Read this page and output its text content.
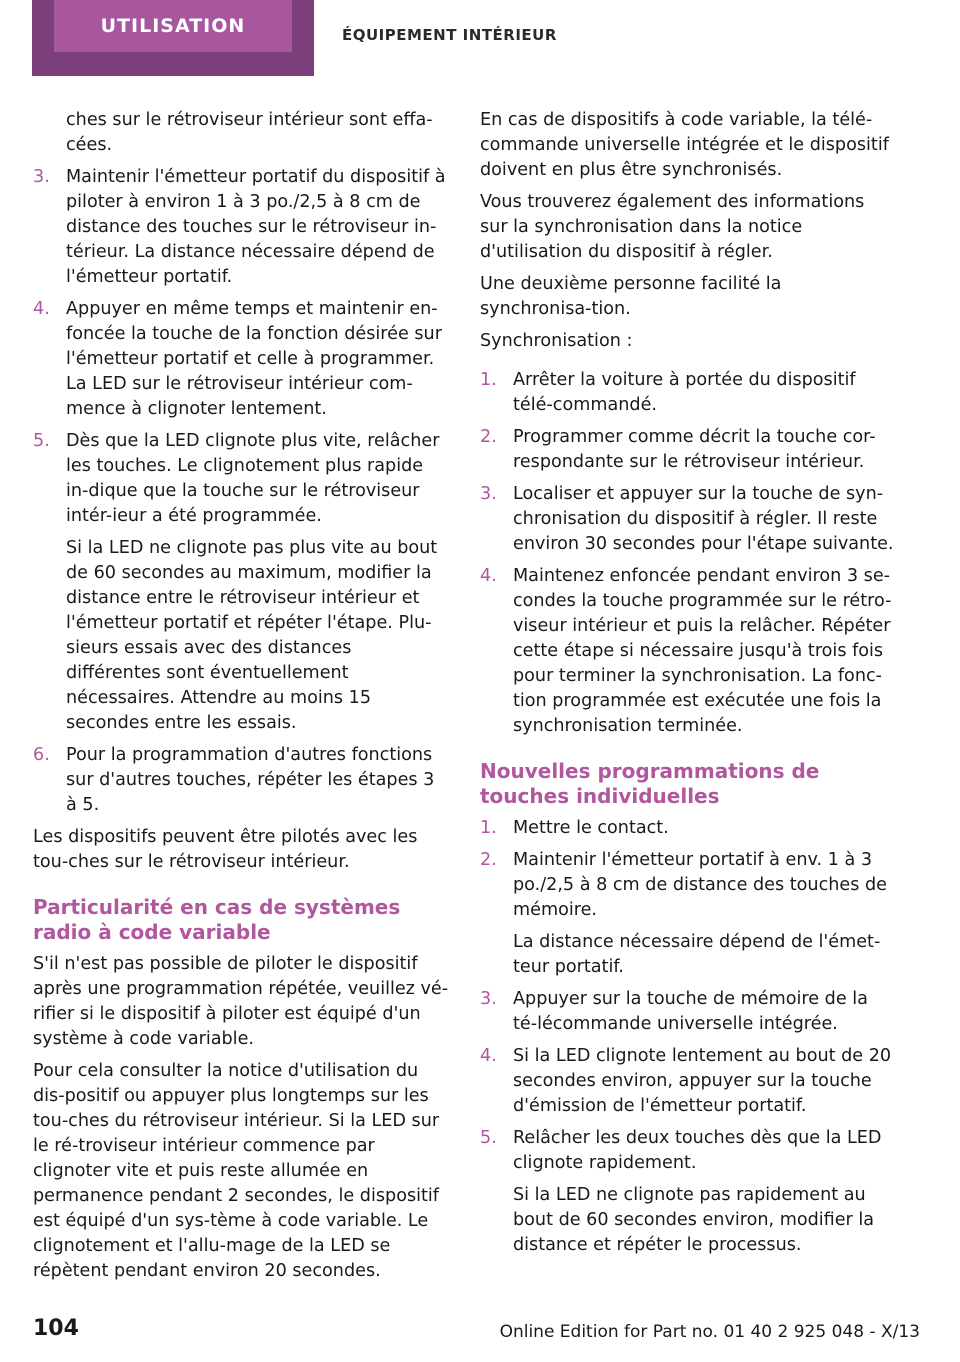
UTILISATION	ÉQUIPEMENT INTÉRIEUR
ches sur le rétroviseur intérieur sont effa-cées.
3. Maintenir l'émetteur portatif du dispositif à piloter à environ 1 à 3 po./2,5 à 8 cm de distance des touches sur le rétroviseur in-térieur. La distance nécessaire dépend de l'émetteur portatif.
4. Appuyer en même temps et maintenir en-foncée la touche de la fonction désirée sur l'émetteur portatif et celle à programmer. La LED sur le rétroviseur intérieur com-mence à clignoter lentement.
5. Dès que la LED clignote plus vite, relâcher les touches. Le clignotement plus rapide in-dique que la touche sur le rétroviseur intér-ieur a été programmée.
Si la LED ne clignote pas plus vite au bout de 60 secondes au maximum, modifier la distance entre le rétroviseur intérieur et l'émetteur portatif et répéter l'étape. Plu-sieurs essais avec des distances différentes sont éventuellement nécessaires. Attendre au moins 15 secondes entre les essais.
6. Pour la programmation d'autres fonctions sur d'autres touches, répéter les étapes 3 à 5.

Les dispositifs peuvent être pilotés avec les tou-ches sur le rétroviseur intérieur.

Particularité en cas de systèmes radio à code variable

S'il n'est pas possible de piloter le dispositif après une programmation répétée, veuillez vé-rifier si le dispositif à piloter est équipé d'un système à code variable.

Pour cela consulter la notice d'utilisation du dis-positif ou appuyer plus longtemps sur les tou-ches du rétroviseur intérieur. Si la LED sur le ré-troviseur intérieur commence par clignoter vite et puis reste allumée en permanence pendant 2 secondes, le dispositif est équipé d'un sys-tème à code variable. Le clignotement et l'allu-mage de la LED se répètent pendant environ 20 secondes.

En cas de dispositifs à code variable, la télé-commande universelle intégrée et le dispositif doivent en plus être synchronisés.

Vous trouverez également des informations sur la synchronisation dans la notice d'utilisation du dispositif à régler.

Une deuxième personne facilité la synchronisa-tion.

Synchronisation :

1. Arrêter la voiture à portée du dispositif télé-commandé.
2. Programmer comme décrit la touche cor-respondante sur le rétroviseur intérieur.
3. Localiser et appuyer sur la touche de syn-chronisation du dispositif à régler. Il reste environ 30 secondes pour l'étape suivante.
4. Maintenez enfoncée pendant environ 3 se-condes la touche programmée sur le rétro-viseur intérieur et puis la relâcher. Répéter cette étape si nécessaire jusqu'à trois fois pour terminer la synchronisation. La fonc-tion programmée est exécutée une fois la synchronisation terminée.
Nouvelles programmations de touches individuelles
1. Mettre le contact.
2. Maintenir l'émetteur portatif à env. 1 à 3 po./2,5 à 8 cm de distance des touches de mémoire.
La distance nécessaire dépend de l'émet-teur portatif.
3. Appuyer sur la touche de mémoire de la té-lécommande universelle intégrée.
4. Si la LED clignote lentement au bout de 20 secondes environ, appuyer sur la touche d'émission de l'émetteur portatif.
5. Relâcher les deux touches dès que la LED clignote rapidement.
Si la LED ne clignote pas rapidement au bout de 60 secondes environ, modifier la distance et répéter le processus.
104	Online Edition for Part no. 01 40 2 925 048 - X/13
